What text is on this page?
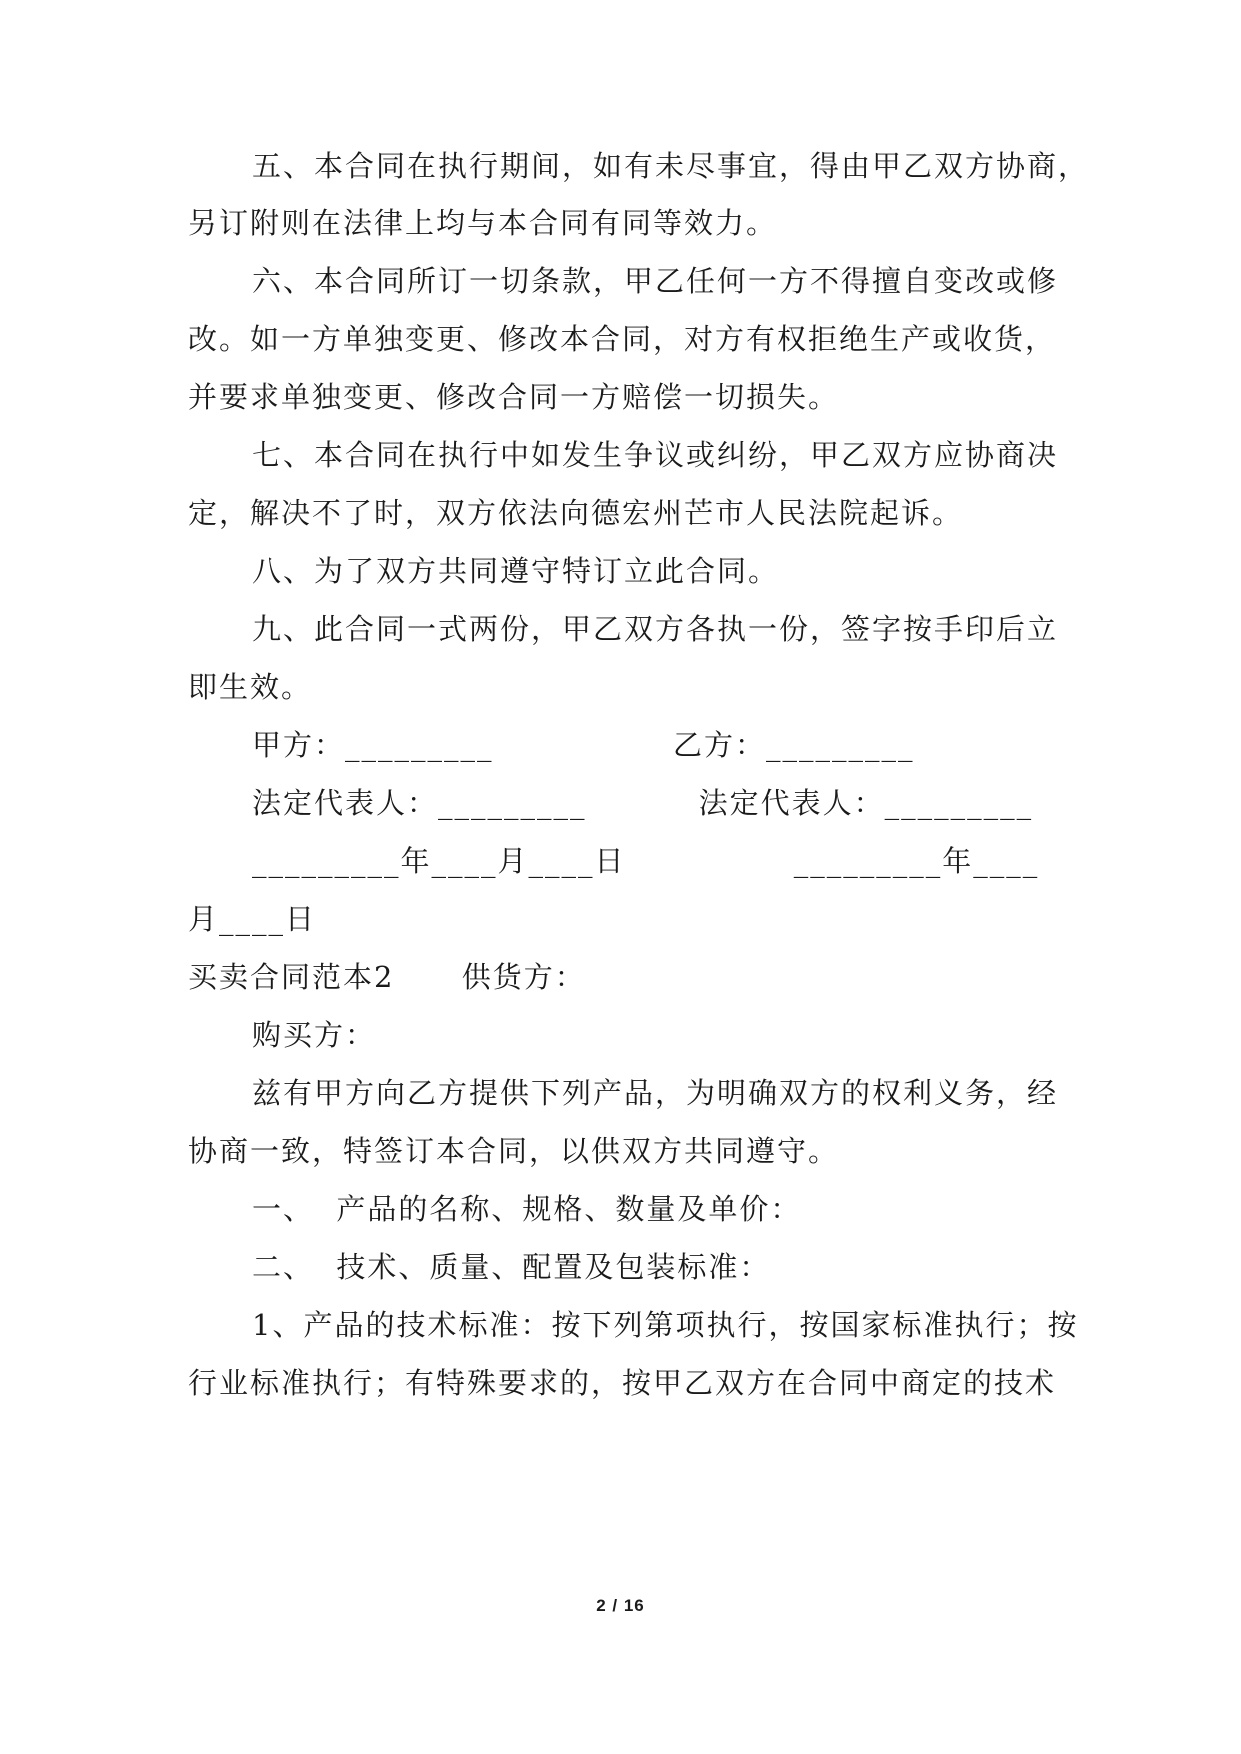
五、本合同在执行期间，如有未尽事宜，得由甲乙双方协商，
另订附则在法律上均与本合同有同等效力。
六、本合同所订一切条款，甲乙任何一方不得擅自变改或修
改。如一方单独变更、修改本合同，对方有权拒绝生产或收货，
并要求单独变更、修改合同一方赔偿一切损失。
七、本合同在执行中如发生争议或纠纷，甲乙双方应协商决
定，解决不了时，双方依法向德宏州芒市人民法院起诉。
八、为了双方共同遵守特订立此合同。
九、此合同一式两份，甲乙双方各执一份，签字按手印后立
即生效。
甲方：_________                乙方：_________
法定代表人：_________          法定代表人：_________
_________年____月____日               _________年____
月____日
买卖合同范本2      供货方：
购买方：
兹有甲方向乙方提供下列产品，为明确双方的权利义务，经
协商一致，特签订本合同，以供双方共同遵守。
一、  产品的名称、规格、数量及单价：
二、  技术、质量、配置及包装标准：
1、产品的技术标准：按下列第项执行，按国家标准执行；按
行业标准执行；有特殊要求的，按甲乙双方在合同中商定的技术
2 / 16
